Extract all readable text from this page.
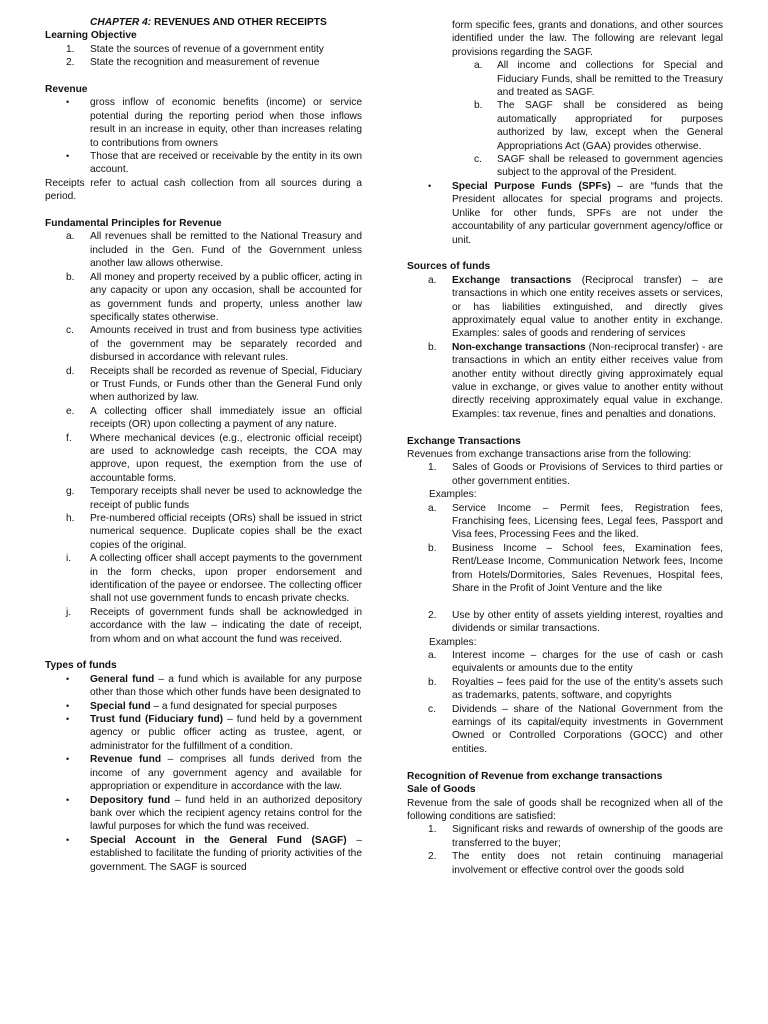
CHAPTER 4: REVENUES AND OTHER RECEIPTS

Learning Objective

1. State the sources of revenue of a government entity
2. State the recognition and measurement of revenue

Revenue

• gross inflow of economic benefits (income) or service potential during the reporting period when those inflows result in an increase in equity, other than increases relating to contributions from owners
• Those that are received or receivable by the entity in its own account.

Receipts refer to actual cash collection from all sources during a period.

Fundamental Principles for Revenue

a. All revenues shall be remitted to the National Treasury and included in the Gen. Fund of the Government unless another law allows otherwise.
b. All money and property received by a public officer, acting in any capacity or upon any occasion, shall be accounted for as government funds and property, unless another law specifically states otherwise.
c. Amounts received in trust and from business type activities of the government may be separately recorded and disbursed in accordance with relevant rules.
d. Receipts shall be recorded as revenue of Special, Fiduciary or Trust Funds, or Funds other than the General Fund only when authorized by law.
e. A collecting officer shall immediately issue an official receipts (OR) upon collecting a payment of any nature.
f. Where mechanical devices (e.g., electronic official receipt) are used to acknowledge cash receipts, the COA may approve, upon request, the exemption from the use of accountable forms.
g. Temporary receipts shall never be used to acknowledge the receipt of public funds
h. Pre-numbered official receipts (ORs) shall be issued in strict numerical sequence. Duplicate copies shall be the exact copies of the original.
i. A collecting officer shall accept payments to the government in the form checks, upon proper endorsement and identification of the payee or endorsee. The collecting officer shall not use government funds to encash private checks.
j. Receipts of government funds shall be acknowledged in accordance with the law – indicating the date of receipt, from whom and on what account the fund was received.

Types of funds

• General fund – a fund which is available for any purpose other than those which other funds have been designated to
• Special fund – a fund designated for special purposes
• Trust fund (Fiduciary fund) – fund held by a government agency or public officer acting as trustee, agent, or administrator for the fulfillment of a condition.
• Revenue fund – comprises all funds derived from the income of any government agency and available for appropriation or expenditure in accordance with the law.
• Depository fund – fund held in an authorized depository bank over which the recipient agency retains control for the lawful purposes for which the fund was received.
• Special Account in the General Fund (SAGF) – established to facilitate the funding of priority activities of the government. The SAGF is sourced

form specific fees, grants and donations, and other sources identified under the law. The following are relevant legal provisions regarding the SAGF.

a. All income and collections for Special and Fiduciary Funds, shall be remitted to the Treasury and treated as SAGF.
b. The SAGF shall be considered as being automatically appropriated for purposes authorized by law, except when the General Appropriations Act (GAA) provides otherwise.
c. SAGF shall be released to government agencies subject to the approval of the President.
• Special Purpose Funds (SPFs) – are “funds that the President allocates for special programs and projects. Unlike for other funds, SPFs are not under the accountability of any particular government agency/office or unit.

Sources of funds

a. Exchange transactions (Reciprocal transfer) – are transactions in which one entity receives assets or services, or has liabilities extinguished, and directly gives approximately equal value to another entity in exchange. Examples: sales of goods and rendering of services
b. Non-exchange transactions (Non-reciprocal transfer) - are transactions in which an entity either receives value from another entity without directly giving approximately equal value in exchange, or gives value to another entity without directly receiving approximately equal value in exchange. Examples: tax revenue, fines and penalties and donations.

Exchange Transactions

Revenues from exchange transactions arise from the following:

1. Sales of Goods or Provisions of Services to third parties or other government entities.

Examples:

a. Service Income – Permit fees, Registration fees, Franchising fees, Licensing fees, Legal fees, Passport and Visa fees, Processing Fees and the liked.
b. Business Income – School fees, Examination fees, Rent/Lease Income, Communication Network fees, Income from Hotels/Dormitories, Sales Revenues, Hospital fees, Share in the Profit of Joint Venture and the like
2. Use by other entity of assets yielding interest, royalties and dividends or similar transactions.

Examples:

a. Interest income – charges for the use of cash or cash equivalents or amounts due to the entity
b. Royalties – fees paid for the use of the entity’s assets such as trademarks, patents, software, and copyrights
c. Dividends – share of the National Government from the earnings of its capital/equity investments in Government Owned or Controlled Corporations (GOCC) and other entities.

Recognition of Revenue from exchange transactions

Sale of Goods

Revenue from the sale of goods shall be recognized when all of the following conditions are satisfied:

1. Significant risks and rewards of ownership of the goods are transferred to the buyer;
2. The entity does not retain continuing managerial involvement or effective control over the goods sold
